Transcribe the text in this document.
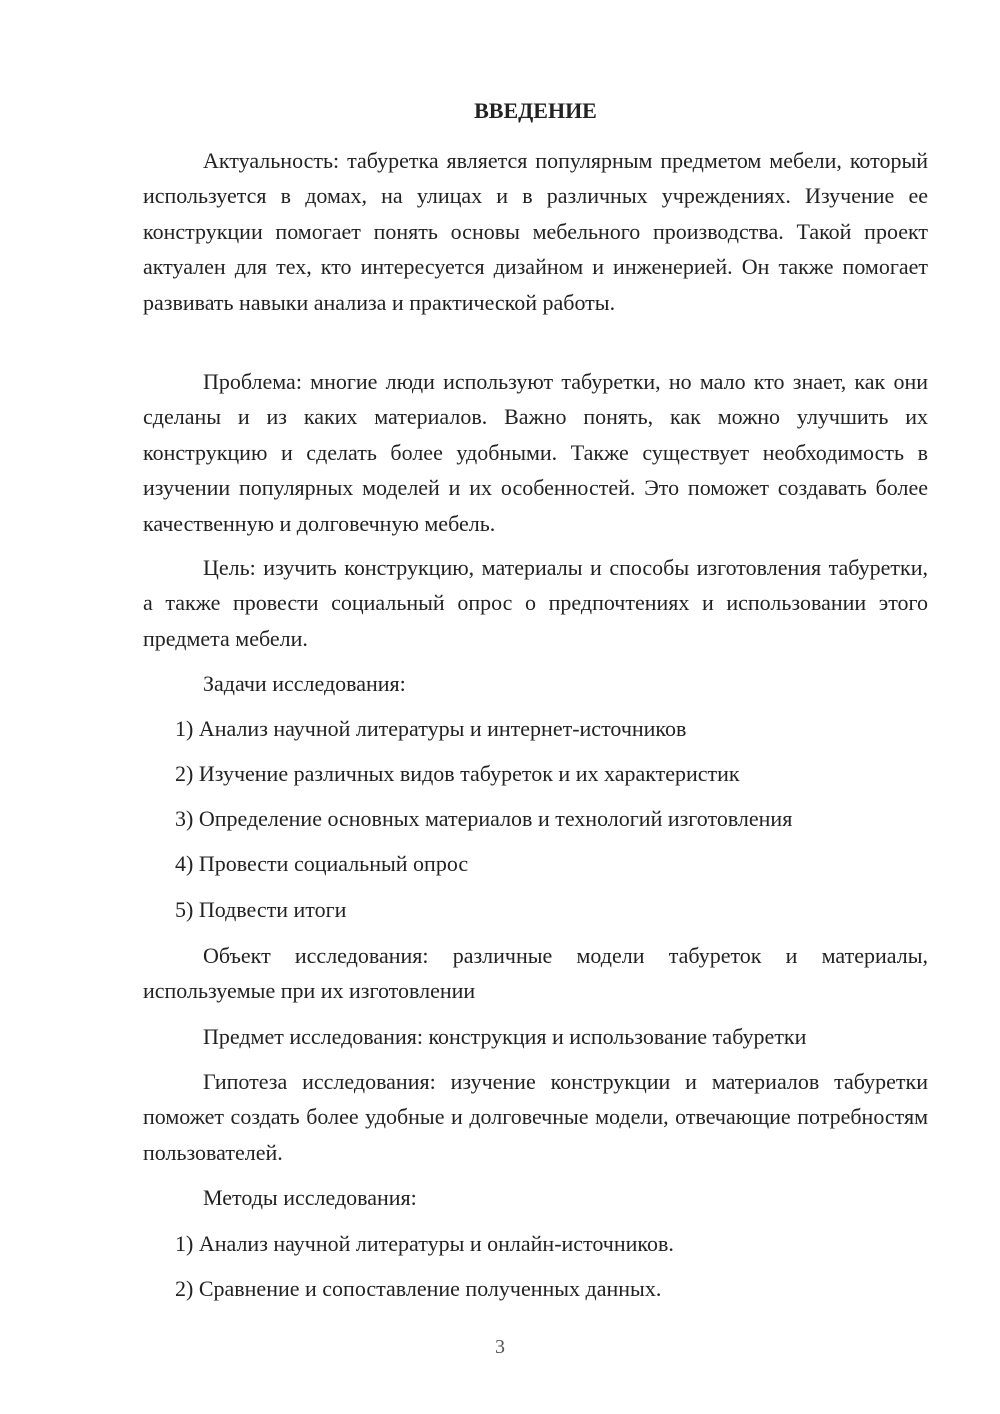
ВВЕДЕНИЕ

Актуальность: табуретка является популярным предметом мебели, который используется в домах, на улицах и в различных учреждениях. Изучение ее конструкции помогает понять основы мебельного производства. Такой проект актуален для тех, кто интересуется дизайном и инженерией. Он также помогает развивать навыки анализа и практической работы.

Проблема: многие люди используют табуретки, но мало кто знает, как они сделаны и из каких материалов. Важно понять, как можно улучшить их конструкцию и сделать более удобными. Также существует необходимость в изучении популярных моделей и их особенностей. Это поможет создавать более качественную и долговечную мебель.

Цель: изучить конструкцию, материалы и способы изготовления табуретки, а также провести социальный опрос о предпочтениях и использовании этого предмета мебели.

Задачи исследования:

1) Анализ научной литературы и интернет-источников

2) Изучение различных видов табуреток и их характеристик

3) Определение основных материалов и технологий изготовления

4) Провести социальный опрос

5) Подвести итоги

Объект исследования: различные модели табуреток и материалы, используемые при их изготовлении

Предмет исследования: конструкция и использование табуретки

Гипотеза исследования: изучение конструкции и материалов табуретки поможет создать более удобные и долговечные модели, отвечающие потребностям пользователей.

Методы исследования:

1) Анализ научной литературы и онлайн-источников.

2) Сравнение и сопоставление полученных данных.

3
